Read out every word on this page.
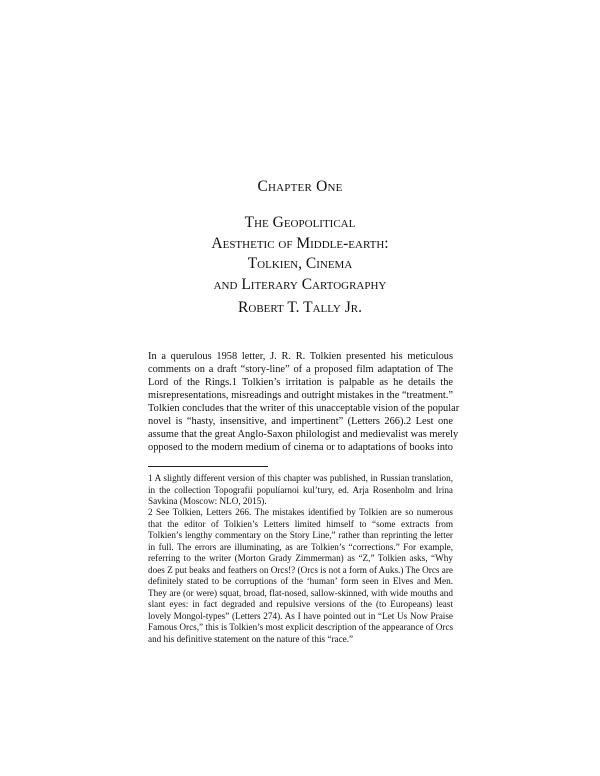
Chapter One
The Geopolitical
Aesthetic of Middle-earth:
Tolkien, Cinema
and Literary Cartography
Robert T. Tally Jr.
In a querulous 1958 letter, J. R. R. Tolkien presented his meticulous
comments on a draft “story-line” of a proposed film adaptation of The
Lord of the Rings.1 Tolkien’s irritation is palpable as he details the
misrepresentations, misreadings and outright mistakes in the “treatment.”
Tolkien concludes that the writer of this unacceptable vision of the popular
novel is “hasty, insensitive, and impertinent” (Letters 266).2 Lest one
assume that the great Anglo-Saxon philologist and medievalist was merely
opposed to the modern medium of cinema or to adaptations of books into
1 A slightly different version of this chapter was published, in Russian translation,
in the collection Topografii populíarnoi kul’tury, ed. Arja Rosenholm and Irina
Savkina (Moscow: NLO, 2015).
2 See Tolkien, Letters 266. The mistakes identified by Tolkien are so numerous
that the editor of Tolkien’s Letters limited himself to “some extracts from
Tolkien’s lengthy commentary on the Story Line,” rather than reprinting the letter
in full. The errors are illuminating, as are Tolkien’s “corrections.” For example,
referring to the writer (Morton Grady Zimmerman) as “Z,” Tolkien asks, “Why
does Z put beaks and feathers on Orcs!? (Orcs is not a form of Auks.) The Orcs are
definitely stated to be corruptions of the ‘human’ form seen in Elves and Men.
They are (or were) squat, broad, flat-nosed, sallow-skinned, with wide mouths and
slant eyes: in fact degraded and repulsive versions of the (to Europeans) least
lovely Mongol-types” (Letters 274). As I have pointed out in “Let Us Now Praise
Famous Orcs,” this is Tolkien’s most explicit description of the appearance of Orcs
and his definitive statement on the nature of this “race.”
